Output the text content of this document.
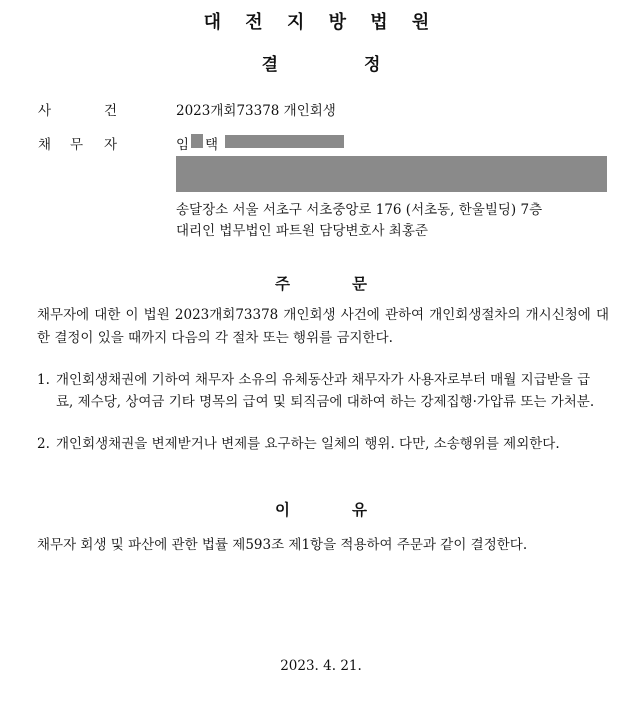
대 전 지 방 법 원
결	정
사	건	2023개회73378 개인회생
채 무 자	임 택
송달장소 서울 서초구 서초중앙로 176 (서초동, 한울빌딩) 7층
대리인 법무법인 파트원 담당변호사 최홍준
주	문
채무자에 대한 이 법원 2023개회73378 개인회생 사건에 관하여 개인회생절차의 개시신청에 대한 결정이 있을 때까지 다음의 각 절차 또는 행위를 금지한다.
1. 개인회생채권에 기하여 채무자 소유의 유체동산과 채무자가 사용자로부터 매월 지급받을 급료, 제수당, 상여금 기타 명목의 급여 및 퇴직금에 대하여 하는 강제집행·가압류 또는 가처분.
2. 개인회생채권을 변제받거나 변제를 요구하는 일체의 행위. 다만, 소송행위를 제외한다.
이	유
채무자 회생 및 파산에 관한 법률 제593조 제1항을 적용하여 주문과 같이 결정한다.
2023. 4. 21.
